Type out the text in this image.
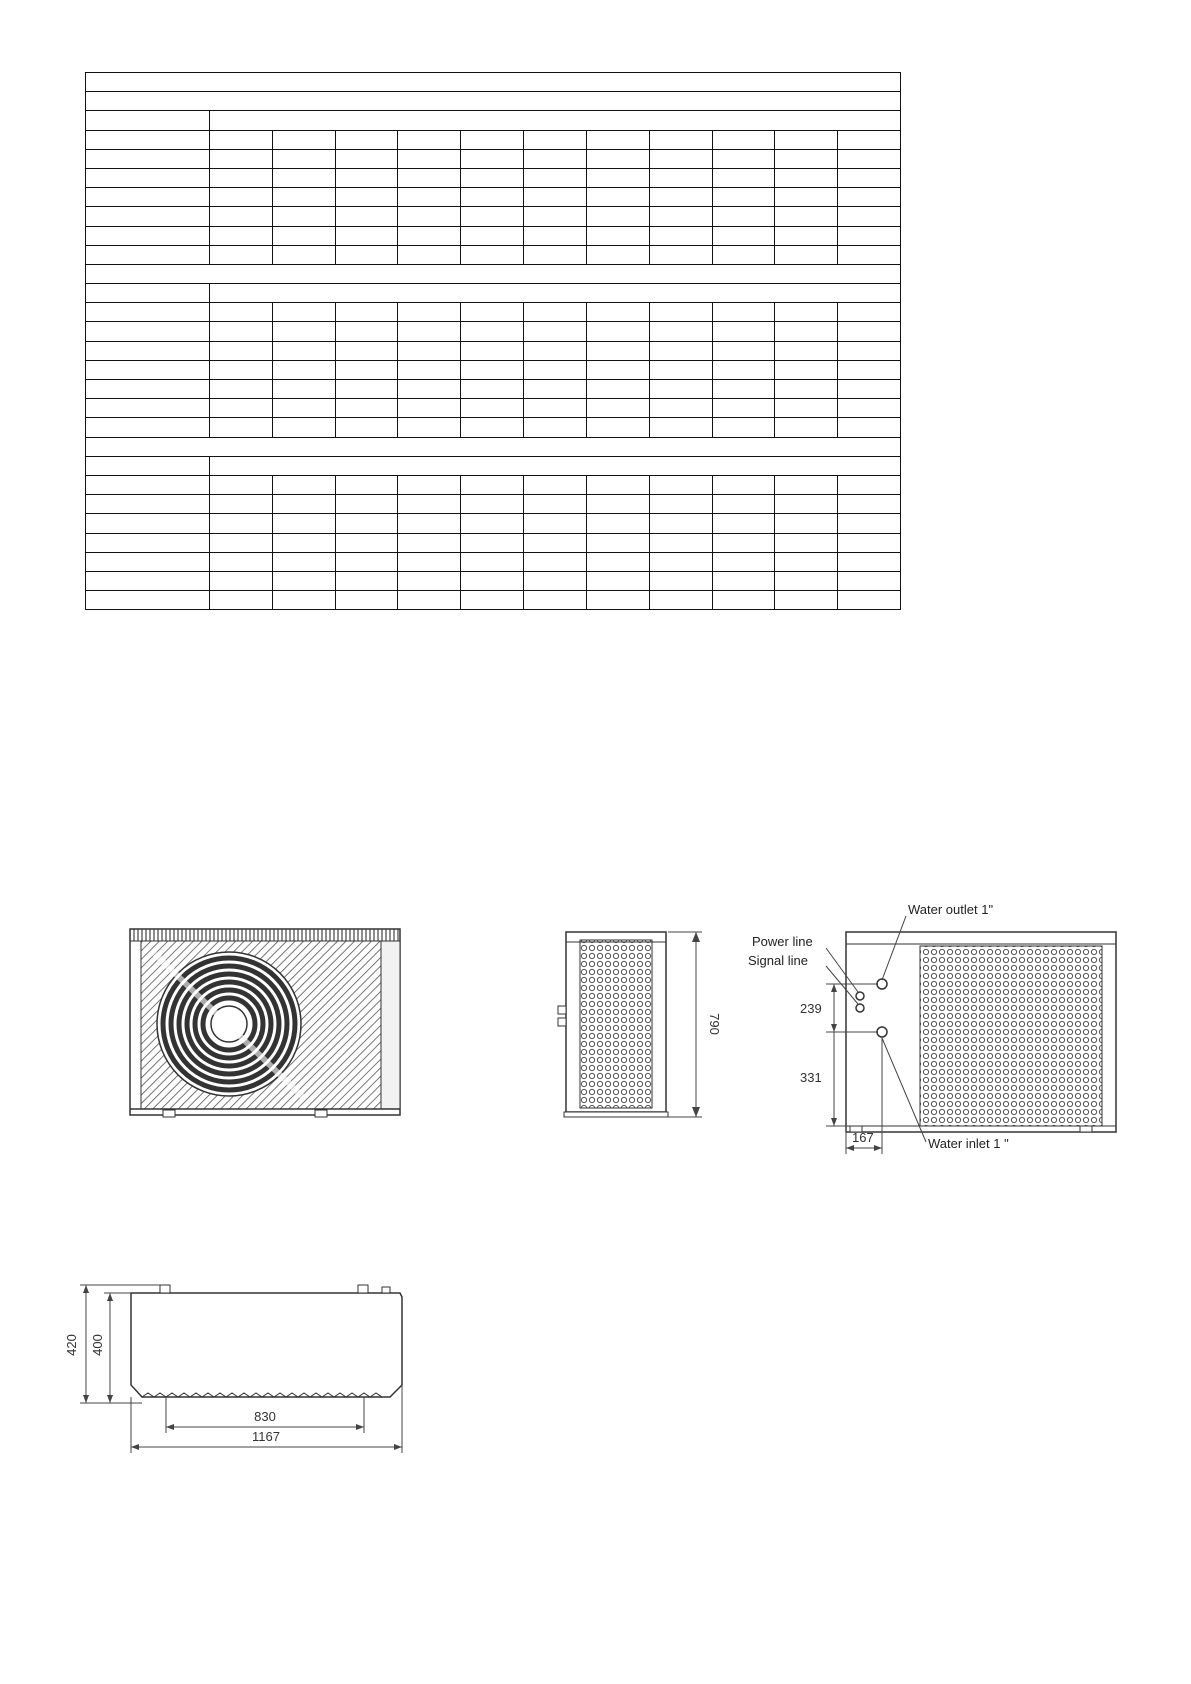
790
Water outlet 1"
Power line
Signal line
Water inlet 1 "
239
331
167
420 400
830
1167
